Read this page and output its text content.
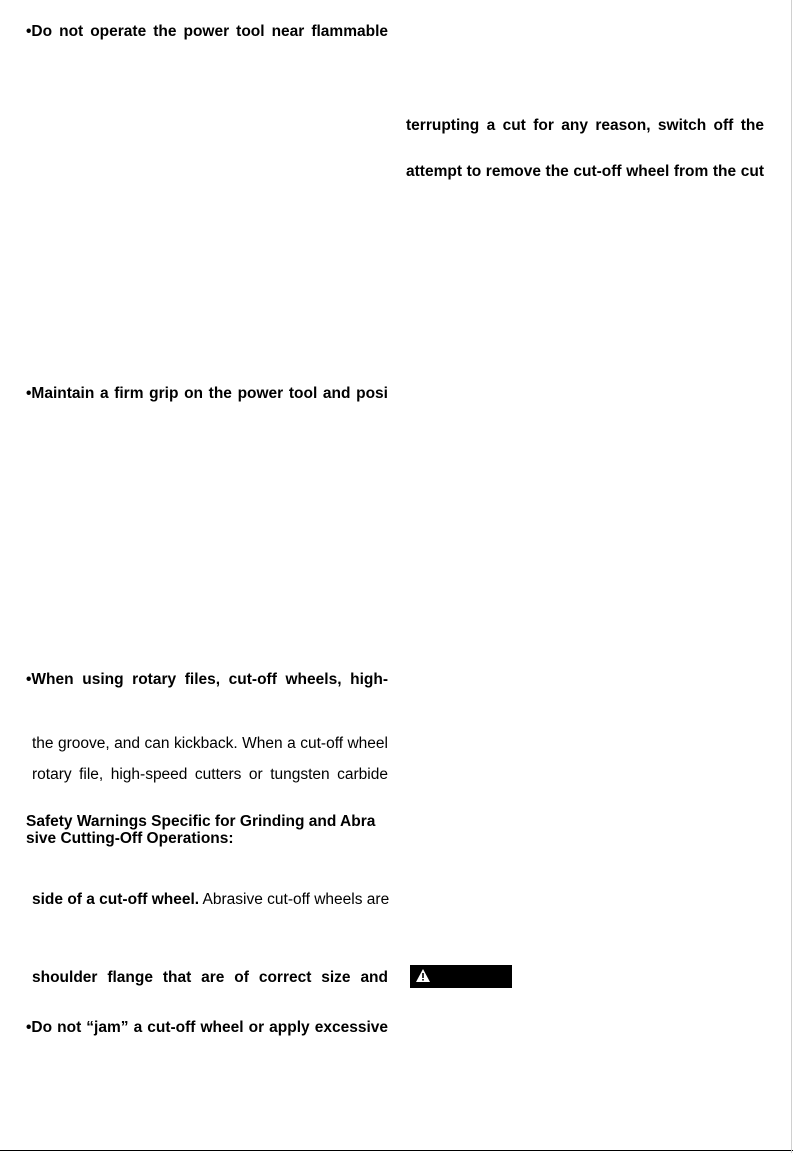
•Do not operate the power tool near flammable
•Maintain a firm grip on the power tool and posi
•When using rotary files, cut-off wheels, high-
the groove, and can kickback. When a cut-off wheel
rotary file, high-speed cutters or tungsten carbide
Safety Warnings Specific for Grinding and Abra
sive Cutting-Off Operations:
side of a cut-off wheel. Abrasive cut-off wheels are
shoulder flange that are of correct size and
•Do not “jam” a cut-off wheel or apply excessive
terrupting a cut for any reason, switch off the
attempt to remove the cut-off wheel from the cut
